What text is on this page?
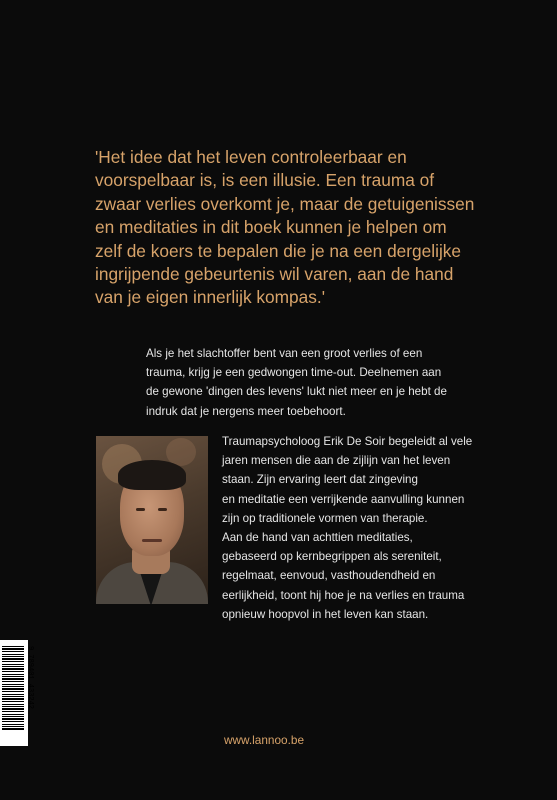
'Het idee dat het leven controleerbaar en
voorspelbaar is, is een illusie. Een trauma of
zwaar verlies overkomt je, maar de getuigenissen
en meditaties in dit boek kunnen je helpen om
zelf de koers te bepalen die je na een dergelijke
ingrijpende gebeurtenis wil varen, aan de hand
van je eigen innerlijk kompas.'
Als je het slachtoffer bent van een groot verlies of een
trauma, krijg je een gedwongen time-out. Deelnemen aan
de gewone 'dingen des levens' lukt niet meer en je hebt de
indruk dat je nergens meer toebehoort.
Traumapsycholoog Erik De Soir begeleidt al vele
jaren mensen die aan de zijlijn van het leven
staan. Zijn ervaring leert dat zingeving
en meditatie een verrijkende aanvulling kunnen
zijn op traditionele vormen van therapie.
Aan de hand van achttien meditaties,
gebaseerd op kernbegrippen als sereniteit,
regelmaat, eenvoud, vasthoudendheid en
eerlijkheid, toont hij hoe je na verlies en trauma
opnieuw hoopvol in het leven kan staan.
9 789401 433242

www.lannoo.be
